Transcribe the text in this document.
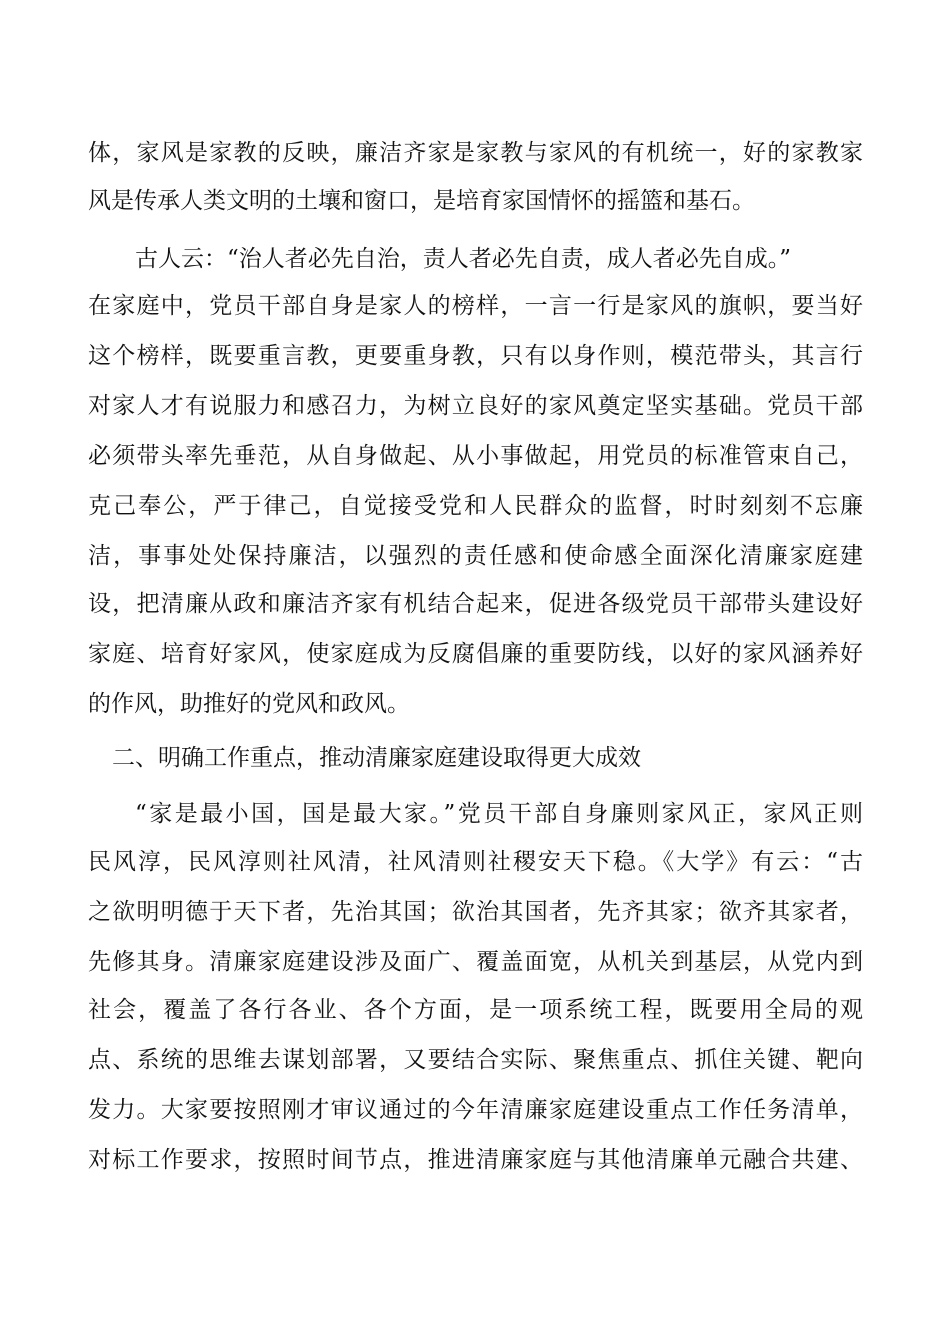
体，家风是家教的反映，廉洁齐家是家教与家风的有机统一，好的家教家
风是传承人类文明的土壤和窗口，是培育家国情怀的摇篮和基石。
古人云：“治人者必先自治，责人者必先自责，成人者必先自成。”
在家庭中，党员干部自身是家人的榜样，一言一行是家风的旗帜，要当好
这个榜样，既要重言教，更要重身教，只有以身作则，模范带头，其言行
对家人才有说服力和感召力，为树立良好的家风奠定坚实基础。党员干部
必须带头率先垂范，从自身做起、从小事做起，用党员的标准管束自己，
克己奉公，严于律己，自觉接受党和人民群众的监督，时时刻刻不忘廉
洁，事事处处保持廉洁，以强烈的责任感和使命感全面深化清廉家庭建
设，把清廉从政和廉洁齐家有机结合起来，促进各级党员干部带头建设好
家庭、培育好家风，使家庭成为反腐倡廉的重要防线，以好的家风涵养好
的作风，助推好的党风和政风。
二、明确工作重点，推动清廉家庭建设取得更大成效
“家是最小国，国是最大家。”党员干部自身廉则家风正，家风正则
民风淳，民风淳则社风清，社风清则社稷安天下稳。《大学》有云：“古
之欲明明德于天下者，先治其国；欲治其国者，先齐其家；欲齐其家者，
先修其身。清廉家庭建设涉及面广、覆盖面宽，从机关到基层，从党内到
社会，覆盖了各行各业、各个方面，是一项系统工程，既要用全局的观
点、系统的思维去谋划部署，又要结合实际、聚焦重点、抓住关键、靶向
发力。大家要按照刚才审议通过的今年清廉家庭建设重点工作任务清单，
对标工作要求，按照时间节点，推进清廉家庭与其他清廉单元融合共建、
